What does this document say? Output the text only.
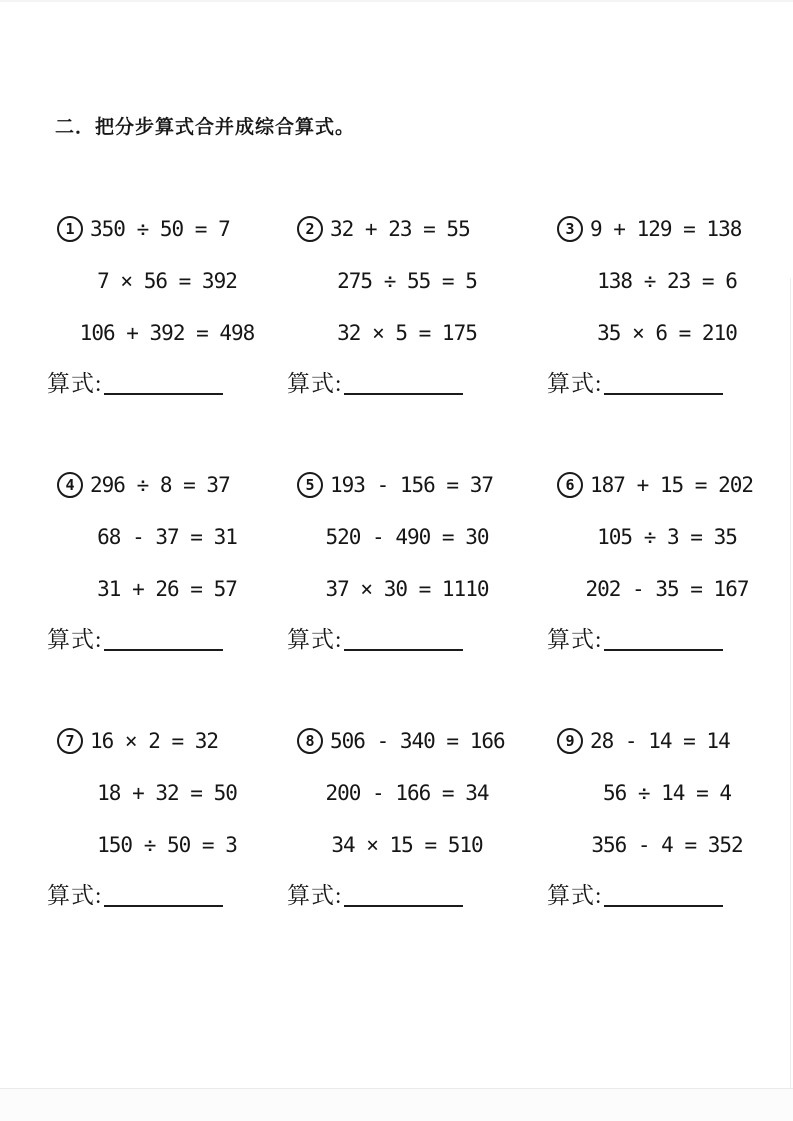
二．把分步算式合并成综合算式。
1 350 ÷ 50 = 7
7 × 56 = 392
106 + 392 = 498
算式:
2 32 + 23 = 55
275 ÷ 55 = 5
32 × 5 = 175
算式:
3 9 + 129 = 138
138 ÷ 23 = 6
35 × 6 = 210
算式:
4 296 ÷ 8 = 37
68 - 37 = 31
31 + 26 = 57
算式:
5 193 - 156 = 37
520 - 490 = 30
37 × 30 = 1110
算式:
6 187 + 15 = 202
105 ÷ 3 = 35
202 - 35 = 167
算式:
7 16 × 2 = 32
18 + 32 = 50
150 ÷ 50 = 3
算式:
8 506 - 340 = 166
200 - 166 = 34
34 × 15 = 510
算式:
9 28 - 14 = 14
56 ÷ 14 = 4
356 - 4 = 352
算式:
